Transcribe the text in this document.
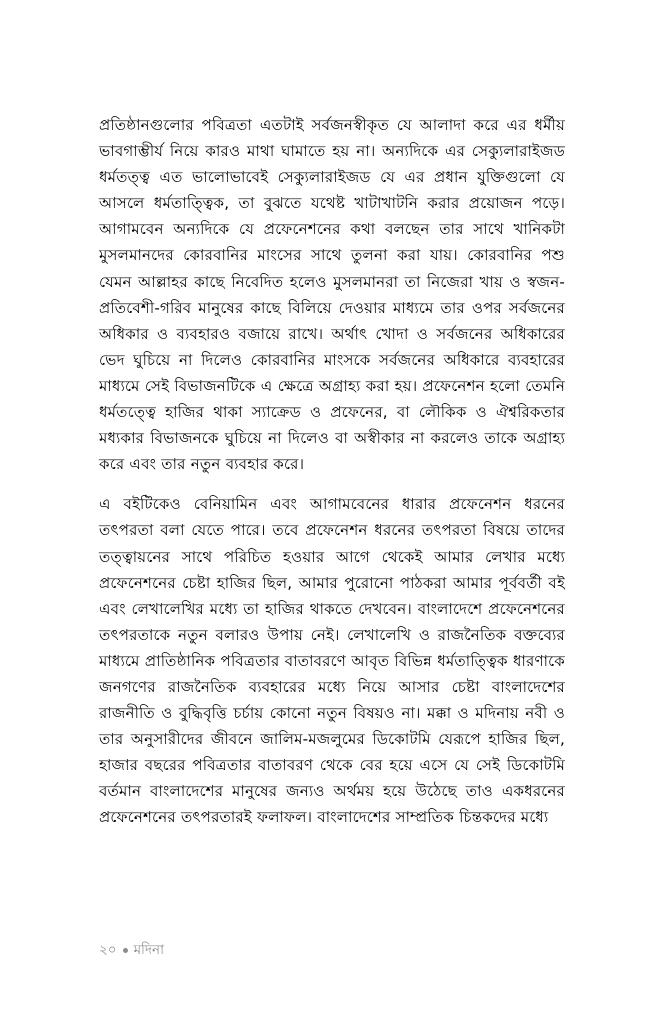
প্রতিষ্ঠানগুলোর পবিত্রতা এতটাই সর্বজনস্বীকৃত যে আলাদা করে এর ধর্মীয় ভাবগাম্ভীর্য নিয়ে কারও মাথা ঘামাতে হয় না। অন্যদিকে এর সেক্যুলারাইজড ধর্মতত্ত্ব এত ভালোভাবেই সেক্যুলারাইজড যে এর প্রধান যুক্তিগুলো যে আসলে ধর্মতাত্ত্বিক, তা বুঝতে যথেষ্ট খাটাখাটনি করার প্রয়োজন পড়ে। আগামবেন অন্যদিকে যে প্রফেনেশনের কথা বলছেন তার সাথে খানিকটা মুসলমানদের কোরবানির মাংসের সাথে তুলনা করা যায়। কোরবানির পশু যেমন আল্লাহর কাছে নিবেদিত হলেও মুসলমানরা তা নিজেরা খায় ও স্বজন-প্রতিবেশী-গরিব মানুষের কাছে বিলিয়ে দেওয়ার মাধ্যমে তার ওপর সর্বজনের অধিকার ও ব্যবহারও বজায়ে রাখে। অর্থাৎ খোদা ও সর্বজনের অধিকারের ভেদ ঘুচিয়ে না দিলেও কোরবানির মাংসকে সর্বজনের অধিকারে ব্যবহারের মাধ্যমে সেই বিভাজনটিকে এ ক্ষেত্রে অগ্রাহ্য করা হয়। প্রফেনেশন হলো তেমনি ধর্মতত্ত্বে হাজির থাকা স্যাক্রেড ও প্রফেনের, বা লৌকিক ও ঐশ্বরিকতার মধ্যকার বিভাজনকে ঘুচিয়ে না দিলেও বা অস্বীকার না করলেও তাকে অগ্রাহ্য করে এবং তার নতুন ব্যবহার করে।

এ বইটিকেও বেনিয়ামিন এবং আগামবেনের ধারার প্রফেনেশন ধরনের তৎপরতা বলা যেতে পারে। তবে প্রফেনেশন ধরনের তৎপরতা বিষয়ে তাদের তত্ত্বায়নের সাথে পরিচিত হওয়ার আগে থেকেই আমার লেখার মধ্যে প্রফেনেশনের চেষ্টা হাজির ছিল, আমার পুরোনো পাঠকরা আমার পূর্ববর্তী বই এবং লেখালেখির মধ্যে তা হাজির থাকতে দেখবেন। বাংলাদেশে প্রফেনেশনের তৎপরতাকে নতুন বলারও উপায় নেই। লেখালেখি ও রাজনৈতিক বক্তব্যের মাধ্যমে প্রাতিষ্ঠানিক পবিত্রতার বাতাবরণে আবৃত বিভিন্ন ধর্মতাত্ত্বিক ধারণাকে জনগণের রাজনৈতিক ব্যবহারের মধ্যে নিয়ে আসার চেষ্টা বাংলাদেশের রাজনীতি ও বুদ্ধিবৃত্তি চর্চায় কোনো নতুন বিষয়ও না। মক্কা ও মদিনায় নবী ও তার অনুসারীদের জীবনে জালিম-মজলুমের ডিকোটমি যেরূপে হাজির ছিল, হাজার বছরের পবিত্রতার বাতাবরণ থেকে বের হয়ে এসে যে সেই ডিকোটমি বর্তমান বাংলাদেশের মানুষের জন্যও অর্থময় হয়ে উঠেছে তাও একধরনের প্রফেনেশনের তৎপরতারই ফলাফল। বাংলাদেশের সাম্প্রতিক চিন্তকদের মধ্যে

২০ মদিনা
